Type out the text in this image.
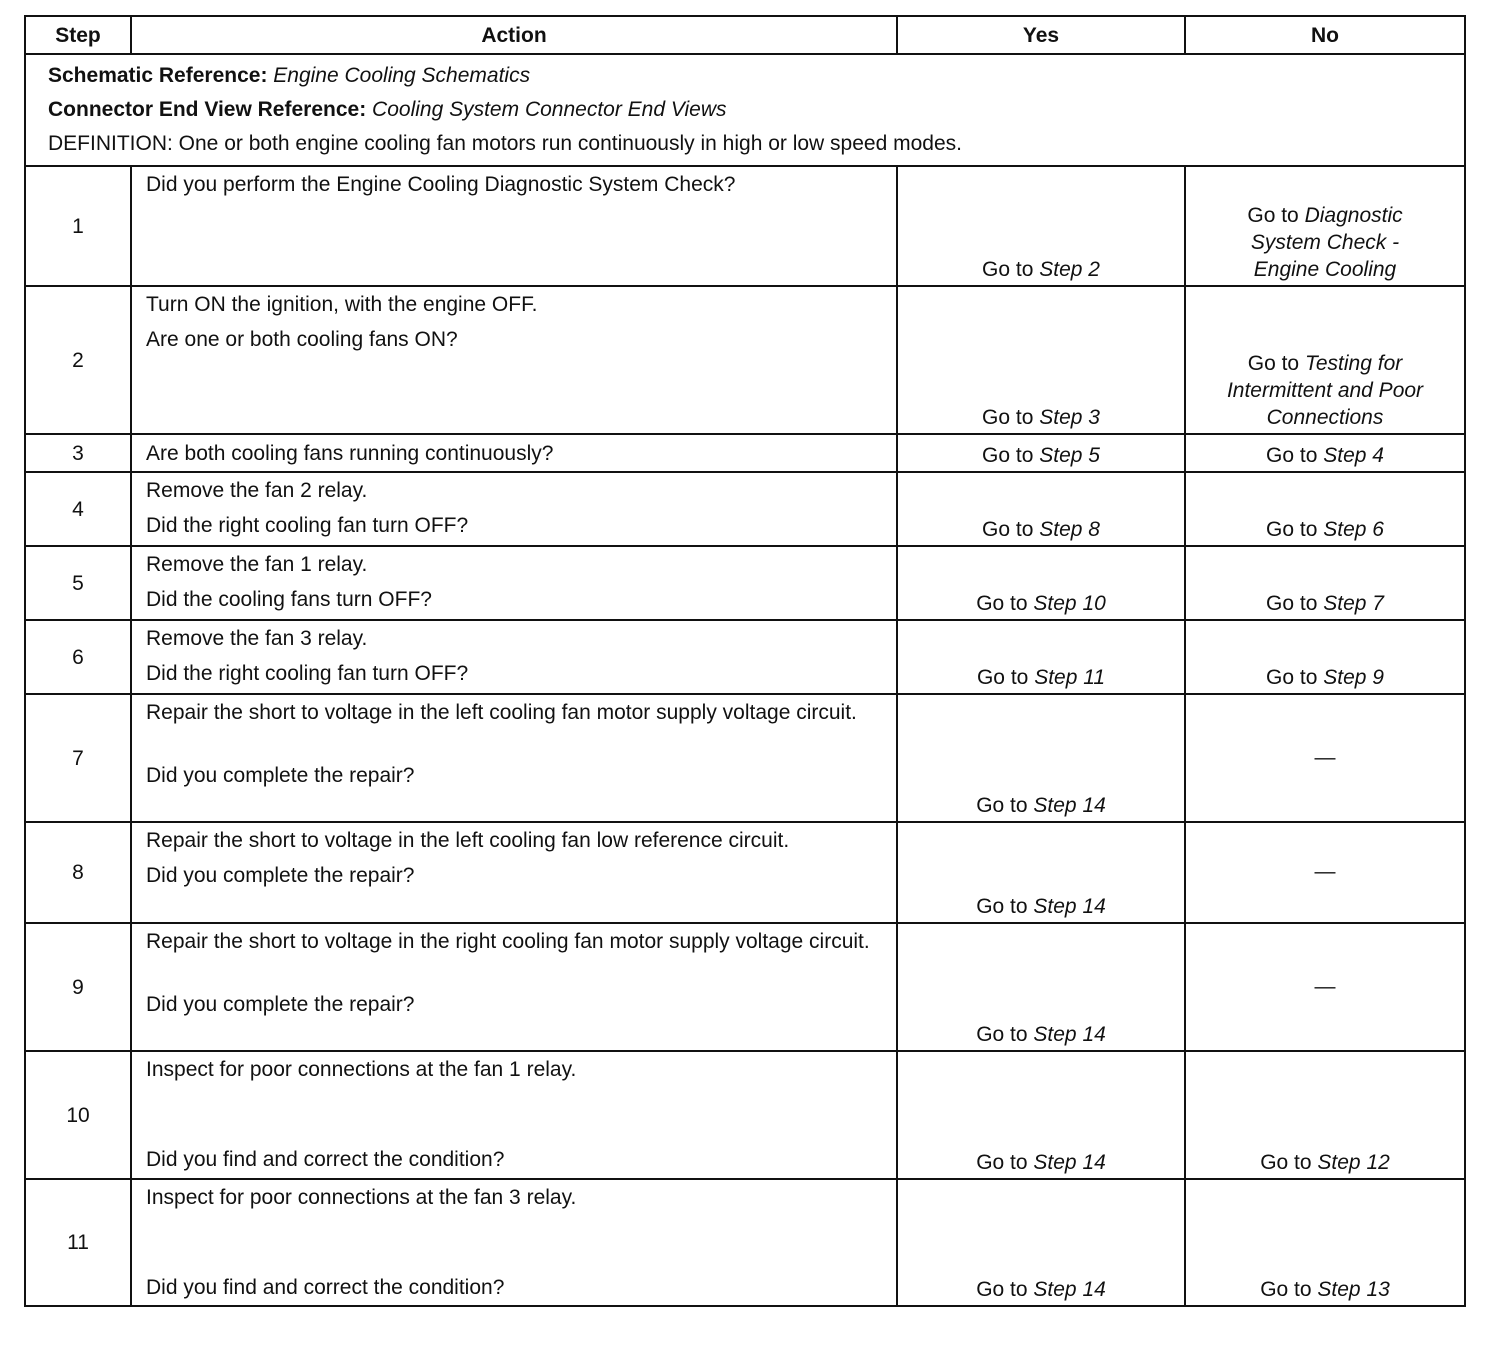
Step	Action	Yes	No

Schematic Reference: Engine Cooling Schematics

Connector End View Reference: Cooling System Connector End Views

DEFINITION: One or both engine cooling fan motors run continuously in high or low speed modes.			

1	Did you perform the Engine Cooling Diagnostic System Check?	Go to Step 2	Go to Diagnostic System Check - Engine Cooling
2	Turn ON the ignition, with the engine OFF.

Are one or both cooling fans ON?	Go to Step 3	Go to Testing for Intermittent and Poor Connections
3	Are both cooling fans running continuously?	Go to Step 5	Go to Step 4
4	Remove the fan 2 relay.

Did the right cooling fan turn OFF?	Go to Step 8	Go to Step 6
5	Remove the fan 1 relay.

Did the cooling fans turn OFF?	Go to Step 10	Go to Step 7
6	Remove the fan 3 relay.

Did the right cooling fan turn OFF?	Go to Step 11	Go to Step 9
7	Repair the short to voltage in the left cooling fan motor supply voltage circuit.

Did you complete the repair?	Go to Step 14	—
8	Repair the short to voltage in the left cooling fan low reference circuit.

Did you complete the repair?	Go to Step 14	—
9	Repair the short to voltage in the right cooling fan motor supply voltage circuit.

Did you complete the repair?	Go to Step 14	—
10	Inspect for poor connections at the fan 1 relay.

Did you find and correct the condition?	Go to Step 14	Go to Step 12
11	Inspect for poor connections at the fan 3 relay.

Did you find and correct the condition?	Go to Step 14	Go to Step 13
